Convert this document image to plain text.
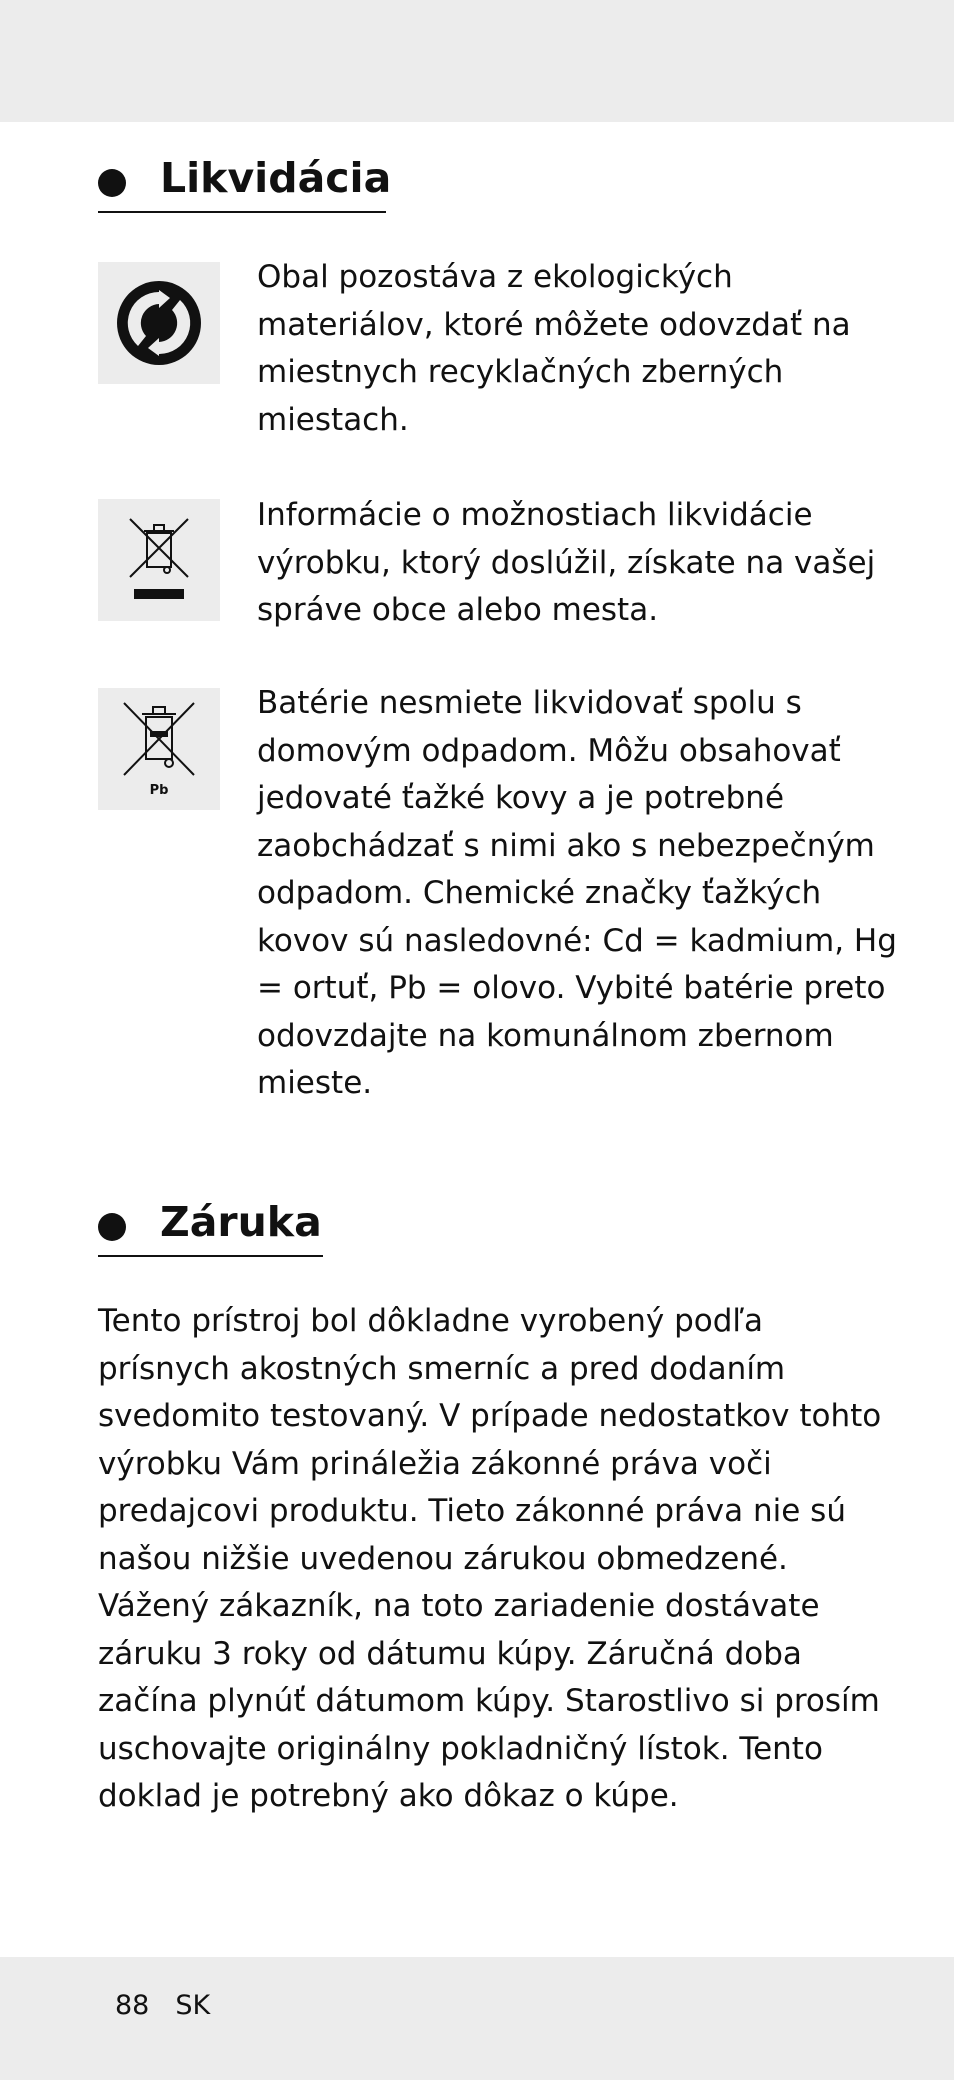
Likvidácia
Obal pozostáva z ekologických materiálov, ktoré môžete odovzdať na miestnych recyklačných zberných miestach.
Informácie o možnostiach likvidácie výrobku, ktorý doslúžil, získate na vašej správe obce alebo mesta.
Pb
Batérie nesmiete likvidovať spolu s domovým odpadom. Môžu obsahovať jedovaté ťažké kovy a je potrebné zaobchádzať s nimi ako s nebezpečným odpadom. Chemické značky ťažkých kovov sú nasledovné: Cd = kadmium, Hg = ortuť, Pb = olovo. Vybité batérie preto odovzdajte na komunálnom zbernom mieste.
Záruka
Tento prístroj bol dôkladne vyrobený podľa prísnych akostných smerníc a pred dodaním svedomito testovaný. V prípade nedostatkov tohto výrobku Vám prináležia zákonné práva voči predajcovi produktu. Tieto zákonné práva nie sú našou nižšie uvedenou zárukou obmedzené. Vážený zákazník, na toto zariadenie dostávate záruku 3 roky od dátumu kúpy. Záručná doba začína plynúť dátumom kúpy. Starostlivo si prosím uschovajte originálny pokladničný lístok. Tento doklad je potrebný ako dôkaz o kúpe.
88 SK
